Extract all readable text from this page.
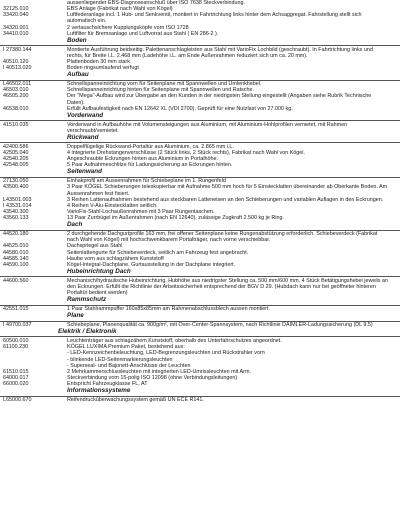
aussenliegender EBS-Diagnoseanschluß über ISO 7638 Steckverbindung.
32125.010	EBS Anlage (Fabrikat nach Wahl von Kögel)
33420.040	Luftfederanlage incl. 1 Hub- und Senkventil, montiert in Fahrtrichtung links hinter dem Achsaggregat. Fahrstellung stellt sich automatisch ein.
34320.001	2 vertauschsichere Kupplungsköpfe vorn ISO 1728
34410.010	Luftfilter für Bremsanlage und Luftvorrat aus Stahl ( EN 286-2 ).
Boden
I 27380.144	Montierte Ausführung beidseitig. Palettenanschlagleisten aus Stahl mit VarioFix Lochbild (geschraubt). In Fahrtrichtung links und rechts, für Breite i.L. 2.468 mm (Ladehöhe i.L. am Ende Außenrahmen reduziert sich um ca. 20 mm).
40510.120	Plattenboden 30 mm stark
I 40513.020	Boden ringsumlaufend verfugt
Aufbau
L46502.011	Schnellspanneinrichtung vorn für Seitenplane mit Spannwellen und Umlenkhebel.
46503.010	Schnellspanneinrichtung hinten für Seitenplane mit Spannwellen und Ratsche.
46505.200	Der "Mega"-Aufbau wird zur Übergabe an den Kunden in der niedrigsten Stellung eingestellt (Angaben siehe Rubrik Technische Daten).
46538.010	Erfüllt Aufbaufestigkeit nach EN 12642 XL (VDI 2700). Geprüft für eine Nutzlast von 27.000 kg.
Vorderwand
41510.035	Vorderwand in Aufbauhöhe mit Volumensteigungen aus Aluminium, mit Aluminium-Hohlprofilen vernietet, mit Rahmen verschraubt/vernietet.
Rückwand
42400.586	Doppelflügelige Rückwand-Portaltür aus Aluminium, ca. 2.865 mm i.L.
42505.040	4 integrierte Drehstangenverschlüsse (2 Stück links, 2 Stück rechts), Fabrikat nach Wahl von Kögel.
42540.205	Angeschraubte Eckrungen hinten aus Aluminium in Portalhöhe.
42548.005	5 Paar Aufnahmeschlitze für Ladungssicherung an Eckrungen hinten.
Seitenwand
27130.050	Einhakprofil am Aussenrahmen für Schiebeplane im 1. Rungenfeld
43500.400	3 Paar KÖGEL Schieberungen teleskopierbar mit Aufnahme 500 mm hoch für 5 Einstecklatten übereinander ab Oberkante Boden. Am Aussenrahmen fest fixiert.
L43501.003	3 Reihen Lattenaufnahmen bestehend aus steckbaren Latteneisen an den Schieberungen und variablen Auflagen in den Eckrungen.
I 43531.014	4 Reihen V-Alu-Einstecklatten seitlich.
43540.300	VarioFix-Stahl-Lochaußenrahmen mit 3 Paar Rungentaschen.
43560.133	13 Paar Zurrbügel im Außenrahmen (nach EN 12640), zulässige Zugkraft 2.500 kg je Ring.
Dach
44520.180	2 durchgehende Dachgurtprofile 163 mm, frei offener Seitenplane keine Rungenabstützung erforderlich. Schiebeverdeck (Fabrikat nach Wahl von Kögel) mit hochschwenkbarem Portalträger, nach vorne verschiebbar.
44525.010	Dachspriegel aus Stahl
44580.010	Seitenlattengurte für Schiebeverdeck, seitlich am Fahrzeug fest angebracht.
44585.140	Haube vorn aus schlagzähem Kunststoff
44590.100	Kögel-Integral-Dachplane. Gurtausstellung in der Dachplane integriert.
Hubeinrichtung Dach
44600.560	Mechanisch/hydraulische Hubeinrichtung. Hubhöhe aus niedrigster Stellung ca. 500 mm/600 mm, 4 Stück Betätigungshebel jeweils an den Eckrungen. Erfüllt die Richtlinie der Arbeitssicherheit entsprechend der BGV D 29. (Hubdach kann nur bei geöffneter hinteren Portaltür bedient werden)
Rammschutz
42551.015	1 Paar Stahlrammpuffer 160x85x85mm am Rahmenabschlussblech aussen montiert.
Plane
I 49700.037	Schiebeplane, Planenqualität ca. 900g/m², mit Over-Center-Spannsystem, nach Richtlinie DAIMLER-Ladungssicherung (DL 9.5)
Elektrik / Elektronik
60500.010	Leuchtenträger aus schlagzähem Kunststoff, oberhalb des Unterfahrschutzes angeordnet.
61100.230	KÖGEL LUXIMA Premium Paket, bestehend aus:
- LED-Kennzeichenbeleuchtung, LED-Begrenzungsleuchten und Rückstrahler vorn
- blinkende LED-Seitenmarkierungsleuchten
- Superseal- und Bajonett-Anschlüsse der Leuchten
61510.015	2 Mehrkammerschlussleuchten mit integrierten LED-Umrissleuchten mit Arm.
64000.017	Steckverbindung vom 15-polig ISO 12098 (ohne Verbindungsleitungen)
66000.020	Entspricht Fahrzeugklasse FL, AT
Informationssysteme
L65000.670	Reifendrucküberwachungssystem gemäß UN ECE R141.
